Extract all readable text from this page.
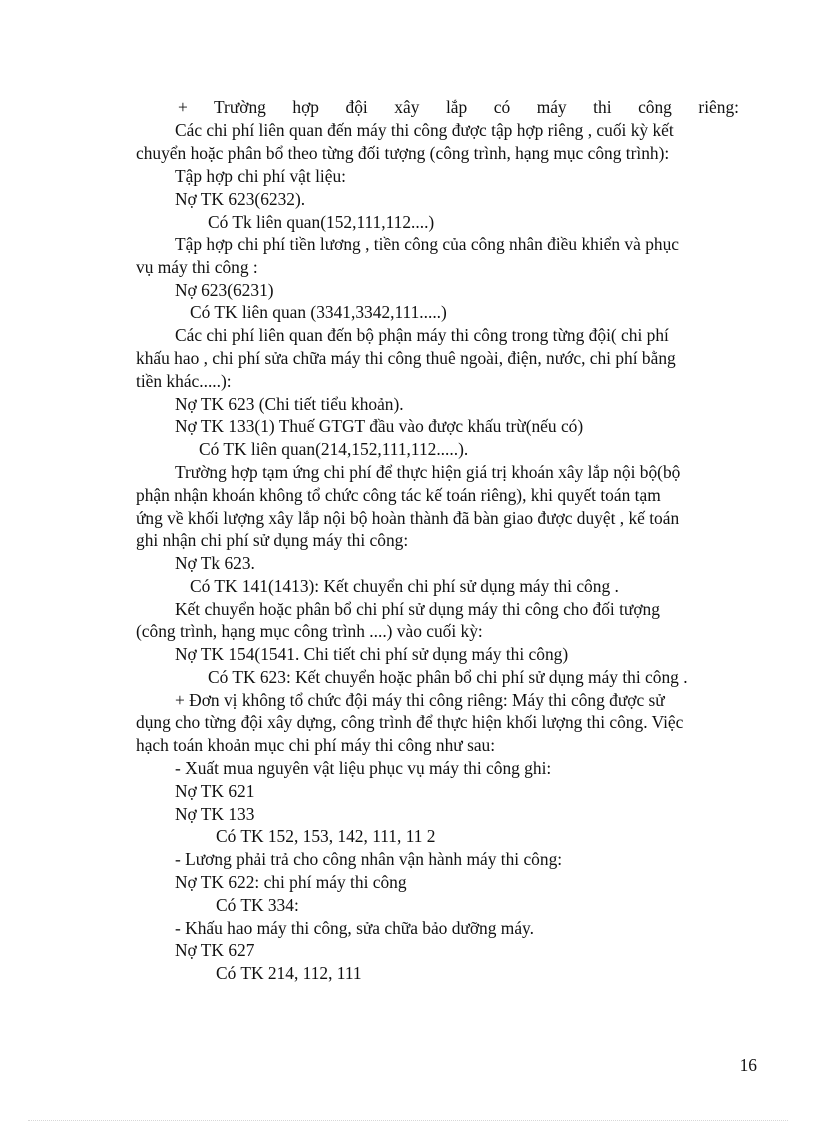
+ Trường hợp đội xây lắp có máy thi công riêng:
Các chi phí liên quan đến máy thi công được tập hợp riêng , cuối kỳ kết
chuyển hoặc phân bổ theo từng đối tượng (công trình, hạng mục công trình):
Tập hợp chi phí vật liệu:
Nợ TK 623(6232).
Có Tk liên quan(152,111,112....)
Tập hợp chi phí tiền lương , tiền công của công nhân điều khiển và phục
vụ máy thi công :
Nợ 623(6231)
Có TK liên quan (3341,3342,111.....)
Các chi phí liên quan đến bộ phận máy thi công trong từng đội( chi phí
khấu hao , chi phí sửa chữa máy thi công thuê ngoài, điện, nước, chi phí bằng
tiền khác.....):
Nợ TK 623 (Chi tiết tiểu khoản).
Nợ TK 133(1) Thuế GTGT đầu vào được khấu trừ(nếu có)
Có TK liên quan(214,152,111,112.....).
Trường hợp tạm ứng chi phí để thực hiện giá trị khoán xây lắp nội bộ(bộ
phận nhận khoán không tổ chức công tác kế toán riêng), khi quyết toán tạm
ứng về khối lượng xây lắp nội bộ hoàn thành đã bàn giao được duyệt , kế toán
ghi nhận chi phí sử dụng máy thi công:
Nợ Tk 623.
Có TK 141(1413): Kết chuyển chi phí sử dụng máy thi công .
Kết chuyển hoặc phân bổ chi phí sử dụng máy thi công cho đối tượng
(công trình, hạng mục công trình ....) vào cuối kỳ:
Nợ TK 154(1541. Chi tiết chi phí sử dụng máy thi công)
Có TK 623: Kết chuyển hoặc phân bổ chi phí sử dụng máy thi công .
+ Đơn vị không tổ chức đội máy thi công riêng: Máy thi công được sử
dụng cho từng đội xây dựng, công trình để thực hiện khối lượng thi công. Việc
hạch toán khoản mục chi phí máy thi công như sau:
- Xuất mua nguyên vật liệu phục vụ máy thi công ghi:
Nợ TK 621
Nợ TK 133
Có TK 152, 153, 142, 111, 11 2
- Lương phải trả cho công nhân vận hành máy thi công:
Nợ TK 622: chi phí máy thi công
Có TK 334:
- Khấu hao máy thi công, sửa chữa bảo dưỡng máy.
Nợ TK 627
Có TK 214, 112, 111
16
